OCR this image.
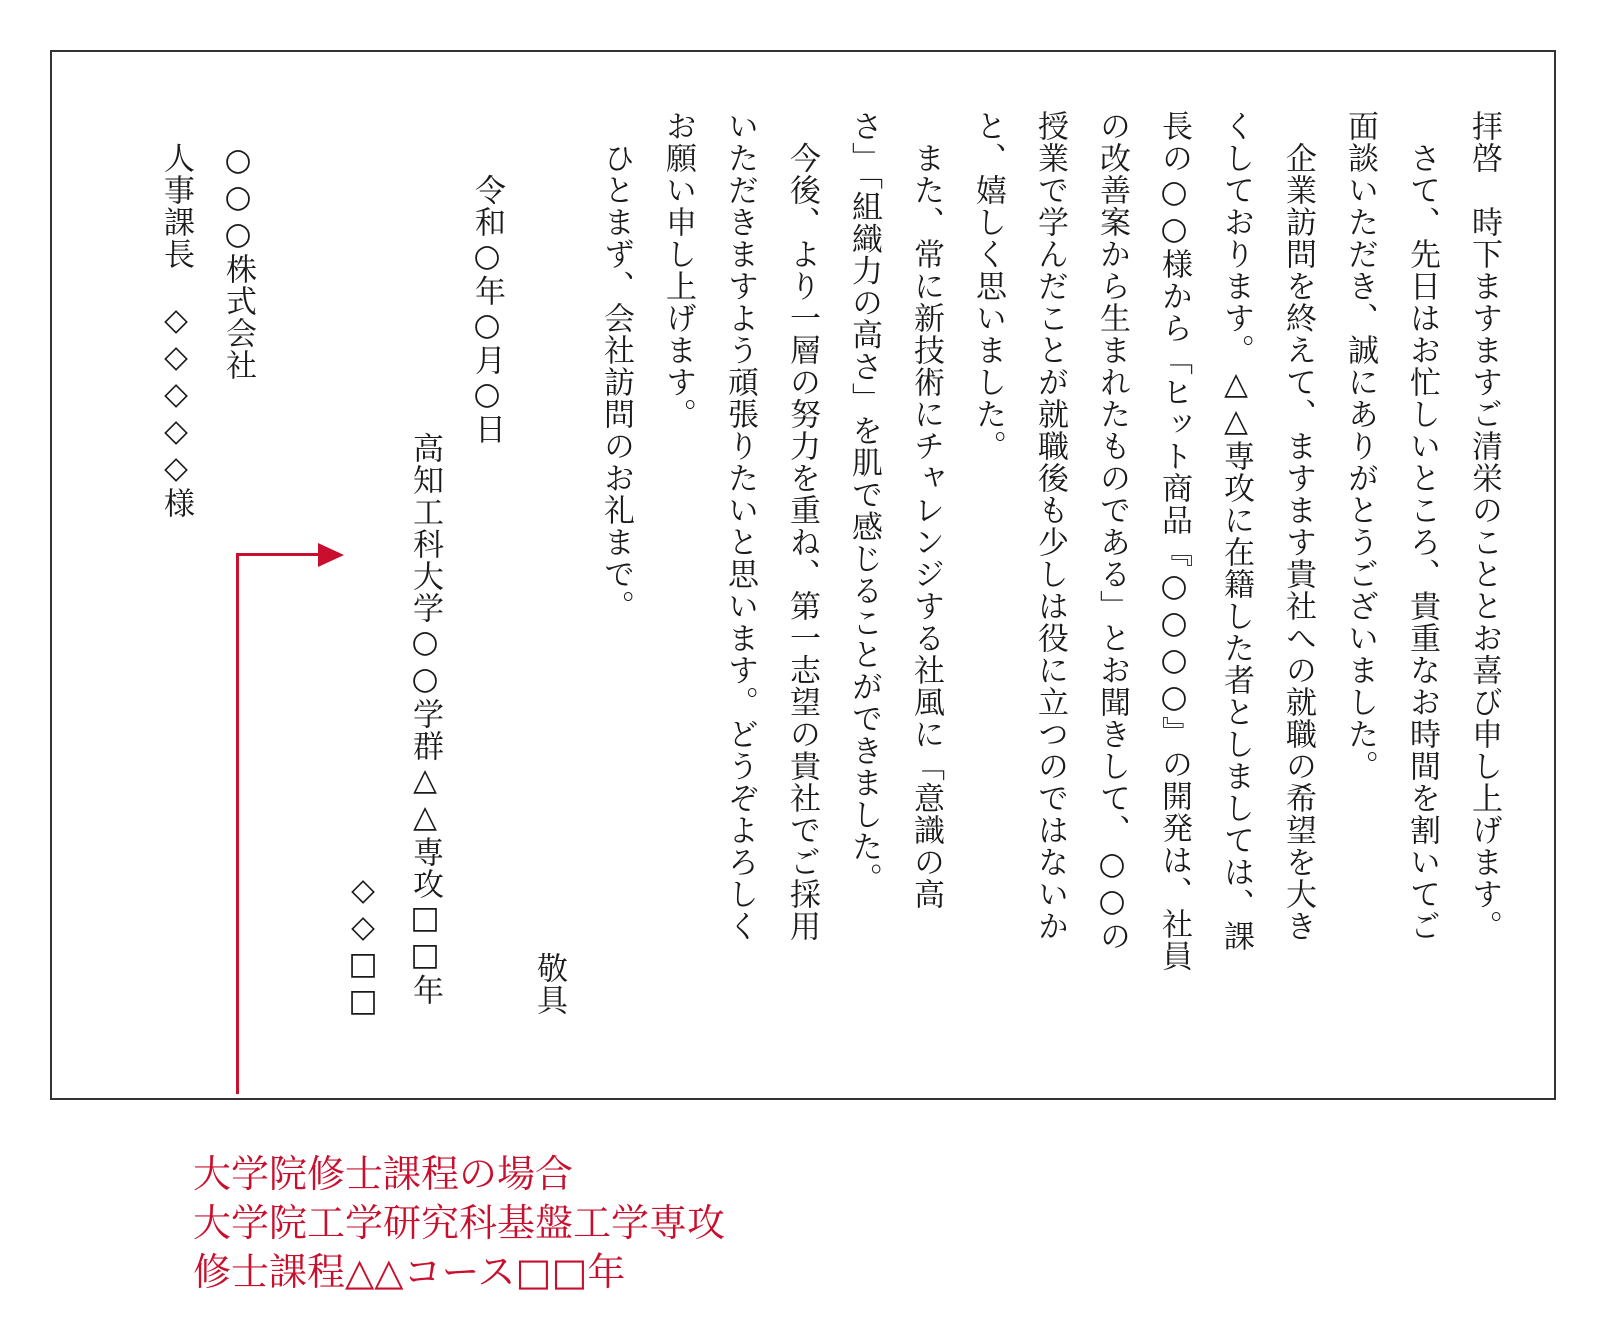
拝啓　時下ますますご清栄のこととお喜び申し上げます。
　さて、先日はお忙しいところ、貴重なお時間を割いてご
面談いただき、誠にありがとうございました。
　企業訪問を終えて、ますます貴社への就職の希望を大き
くしております。△△専攻に在籍した者としましては、課
長の○○様から「ヒット商品『○○○○』の開発は、社員
の改善案から生まれたものである」とお聞きして、○○の
授業で学んだことが就職後も少しは役に立つのではないか
と、嬉しく思いました。
　また、常に新技術にチャレンジする社風に「意識の高
さ」「組織力の高さ」を肌で感じることができました。
　今後、より一層の努力を重ね、第一志望の貴社でご採用
いただきますよう頑張りたいと思います。どうぞよろしく
お願い申し上げます。
　ひとまず、会社訪問のお礼まで。
敬具
令和○年○月○日
高知工科大学○○学群△△専攻□□年
◇◇□□
○○○株式会社
人事課長　◇◇◇◇◇様
大学院修士課程の場合
大学院工学研究科基盤工学専攻
修士課程△△コース□□年
